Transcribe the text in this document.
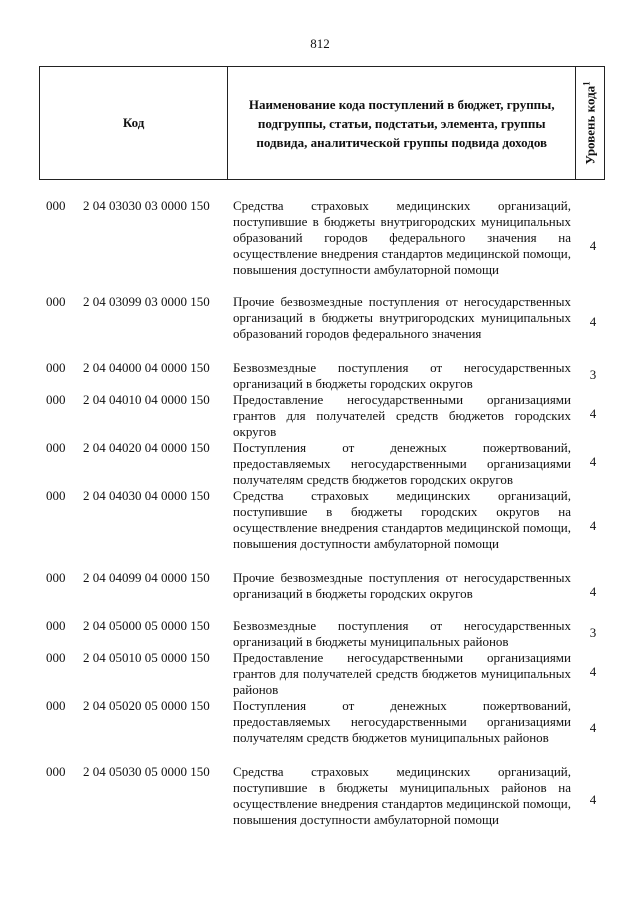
812
Код
Наименование кода поступлений в бюджет, группы, подгруппы, статьи, подстатьи, элемента, группы подвида, аналитической группы подвида доходов	Уровень кода$^1$
000 2 04 03030 03 0000 150 Средства страховых медицинских организаций, поступившие в бюджеты внутригородских муниципальных образований городов федерального значения на осуществление внедрения стандартов медицинской помощи, повышения доступности амбулаторной помощи
4
000 2 04 03099 03 0000 150 Прочие безвозмездные поступления от негосударственных организаций в бюджеты внутригородских муниципальных образований городов федерального значения
4
000 2 04 04000 04 0000 150 Безвозмездные поступления от негосударственных организаций в бюджеты городских округов
3
000 2 04 04010 04 0000 150 Предоставление негосударственными организациями грантов для получателей средств бюджетов городских округов
4
000 2 04 04020 04 0000 150 Поступления от денежных пожертвований, предоставляемых негосударственными организациями получателям средств бюджетов городских округов
4
000 2 04 04030 04 0000 150 Средства страховых медицинских организаций, поступившие в бюджеты городских округов на осуществление внедрения стандартов медицинской помощи, повышения доступности амбулаторной помощи
4
000 2 04 04099 04 0000 150 Прочие безвозмездные поступления от негосударственных организаций в бюджеты городских округов	4
000 2 04 05000 05 0000 150 Безвозмездные поступления от негосударственных организаций в бюджеты муниципальных районов
3
000 2 04 05010 05 0000 150 Предоставление негосударственными организациями грантов для получателей средств бюджетов муниципальных районов
4
000 2 04 05020 05 0000 150 Поступления от денежных пожертвований, предоставляемых негосударственными организациями получателям средств бюджетов муниципальных районов
4
000 2 04 05030 05 0000 150 Средства страховых медицинских организаций, поступившие в бюджеты муниципальных районов на осуществление внедрения стандартов медицинской помощи, повышения доступности амбулаторной помощи
4
